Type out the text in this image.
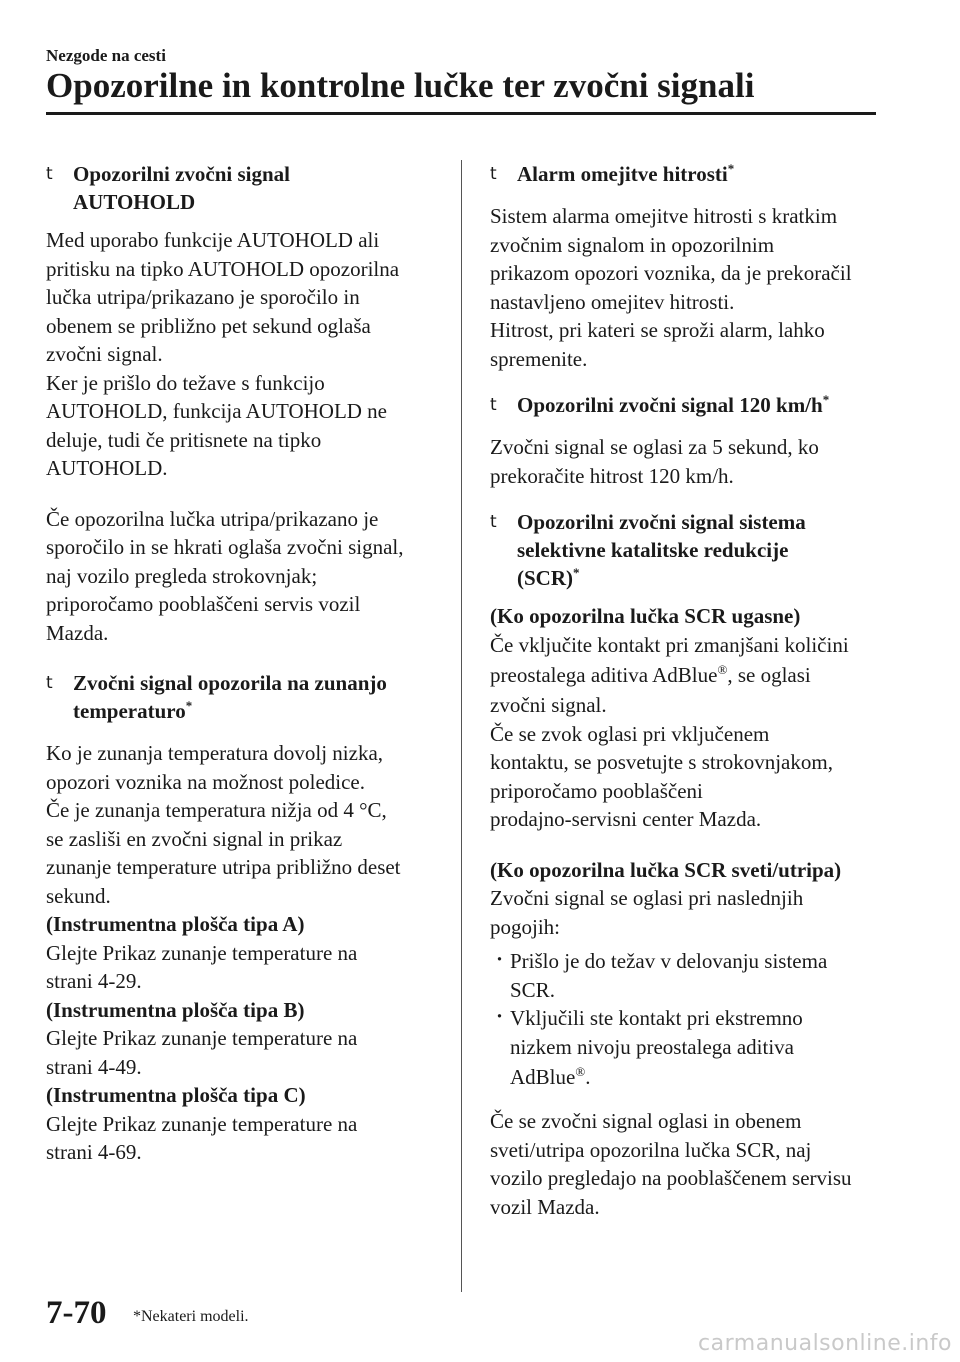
Nezgode na cesti

Opozorilne in kontrolne lučke ter zvočni signali
t Opozorilni zvočni signal
AUTOHOLD

Med uporabo funkcije AUTOHOLD ali

pritisku na tipko AUTOHOLD opozorilna

lučka utripa/prikazano je sporočilo in

obenem se približno pet sekund oglaša

zvočni signal.

Ker je prišlo do težave s funkcijo

AUTOHOLD, funkcija AUTOHOLD ne

deluje, tudi če pritisnete na tipko

AUTOHOLD.

Če opozorilna lučka utripa/prikazano je

sporočilo in se hkrati oglaša zvočni signal,

naj vozilo pregleda strokovnjak;

priporočamo pooblaščeni servis vozil

Mazda.

t Zvočni signal opozorila na zunanjo
temperaturo*

Ko je zunanja temperatura dovolj nizka,

opozori voznika na možnost poledice.

Če je zunanja temperatura nižja od 4 °C,

se zasliši en zvočni signal in prikaz

zunanje temperature utripa približno deset

sekund.

(Instrumentna plošča tipa A)

Glejte Prikaz zunanje temperature na

strani 4-29.

(Instrumentna plošča tipa B)

Glejte Prikaz zunanje temperature na

strani 4-49.

(Instrumentna plošča tipa C)

Glejte Prikaz zunanje temperature na

strani 4-69.

t Alarm omejitve hitrosti*

Sistem alarma omejitve hitrosti s kratkim

zvočnim signalom in opozorilnim

prikazom opozori voznika, da je prekoračil

nastavljeno omejitev hitrosti.

Hitrost, pri kateri se sproži alarm, lahko

spremenite.

t Opozorilni zvočni signal 120 km/h*

Zvočni signal se oglasi za 5 sekund, ko

prekoračite hitrost 120 km/h.

t Opozorilni zvočni signal sistema
selektivne katalitske redukcije
(SCR)*

(Ko opozorilna lučka SCR ugasne)

Če vključite kontakt pri zmanjšani količini

preostalega aditiva AdBlue®, se oglasi

zvočni signal.

Če se zvok oglasi pri vključenem

kontaktu, se posvetujte s strokovnjakom,

priporočamo pooblaščeni

prodajno-servisni center Mazda.

(Ko opozorilna lučka SCR sveti/utripa)

Zvočni signal se oglasi pri naslednjih

pogojih:

· Prišlo je do težav v delovanju sistema
SCR.
· Vključili ste kontakt pri ekstremno
nizkem nivoju preostalega aditiva
AdBlue®.

Če se zvočni signal oglasi in obenem

sveti/utripa opozorilna lučka SCR, naj

vozilo pregledajo na pooblaščenem servisu

vozil Mazda.

7-70 *Nekateri modeli.

carmanualsonline.info
